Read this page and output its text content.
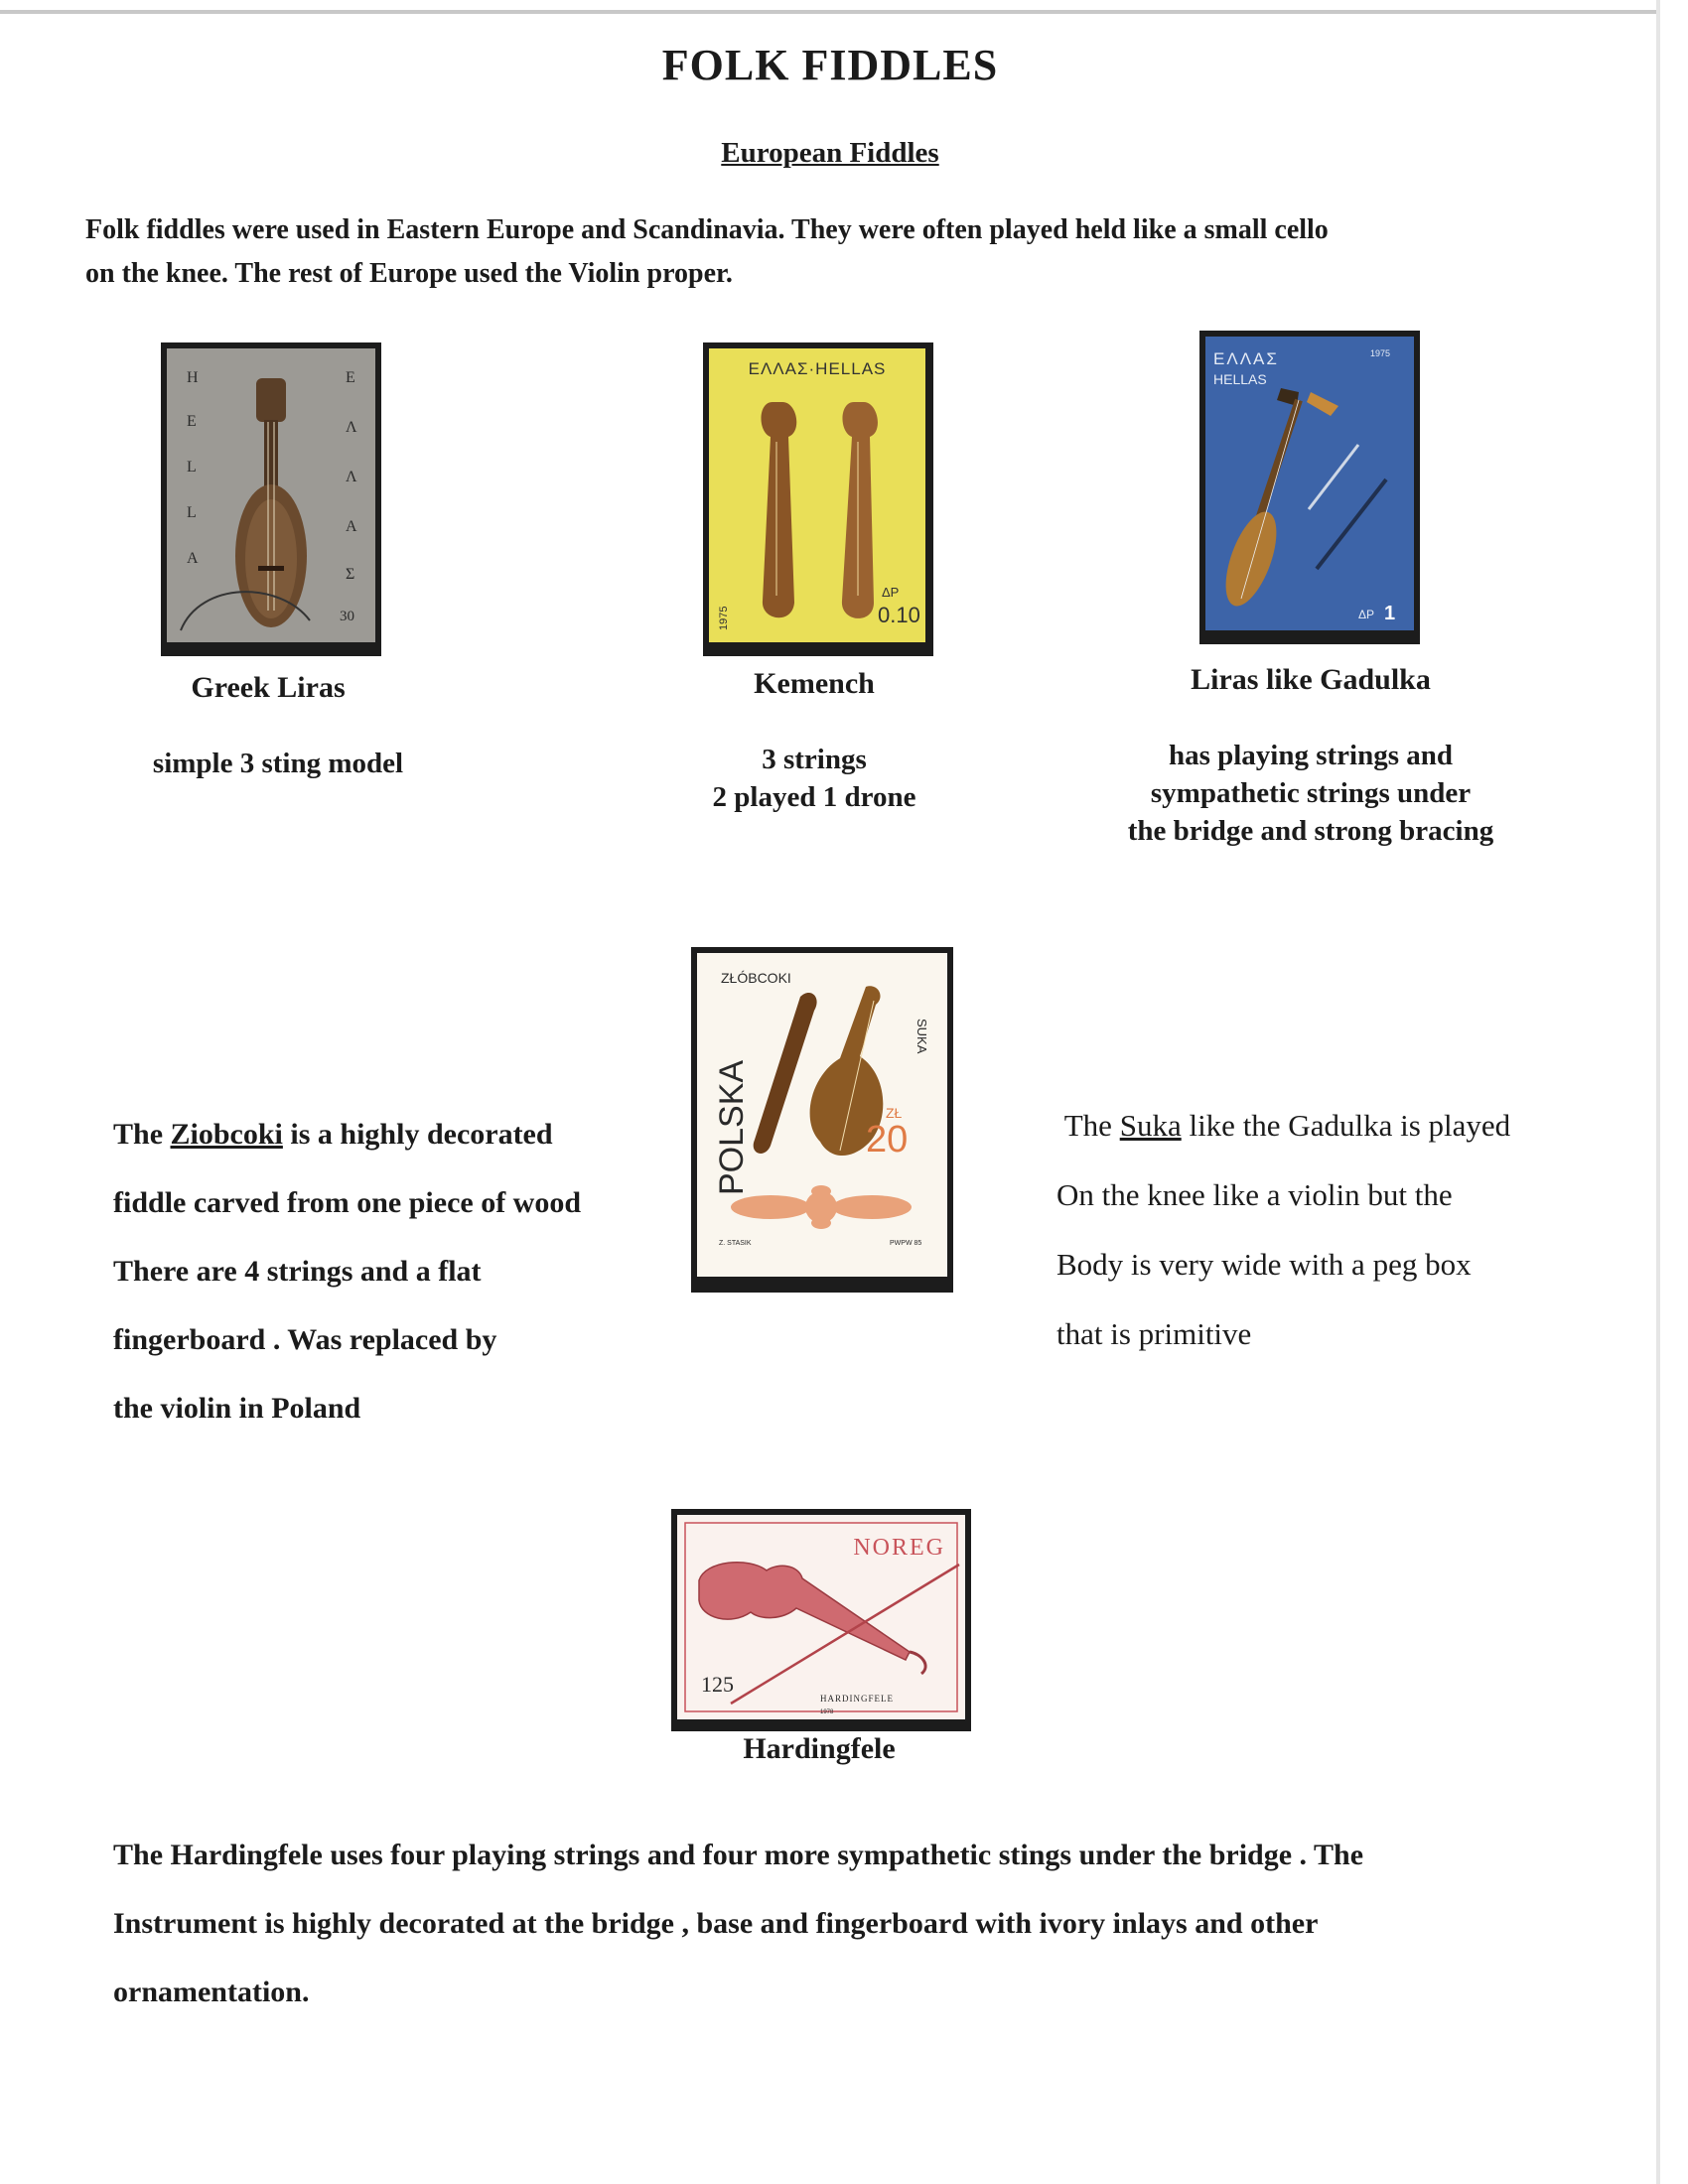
FOLK FIDDLES
European Fiddles

Folk fiddles were used in Eastern Europe and Scandinavia. They were often played held like a small cello

on the knee. The rest of Europe used the Violin proper.

H
E
L
L
A
E
Λ
Λ
Α
Σ
30
Greek Liras

simple 3 sting model

ΕΛΛΑΣ·HELLAS
1975
ΔΡ
0.10
Kemench

3 strings

2 played 1 drone

ΕΛΛΑΣ
HELLAS
1975
ΔΡ 1
Liras like Gadulka

has playing strings and

sympathetic strings under

the bridge and strong bracing

The Ziobcoki is a highly decorated

fiddle carved from one piece of wood

There are 4 strings and a flat

fingerboard . Was replaced by

the violin in Poland

ZŁÓBCOKI
POLSKA
SUKA
ZŁ
20
Z. STASIK	PWPW 85

The Suka like the Gadulka is played

On the knee like a violin but the

Body is very wide with a peg box

that is primitive

NOREG
125
HARDINGFELE
1978
Hardingfele

The Hardingfele uses four playing strings and four more sympathetic stings under the bridge . The

Instrument is highly decorated at the bridge , base and fingerboard with ivory inlays and other

ornamentation.
